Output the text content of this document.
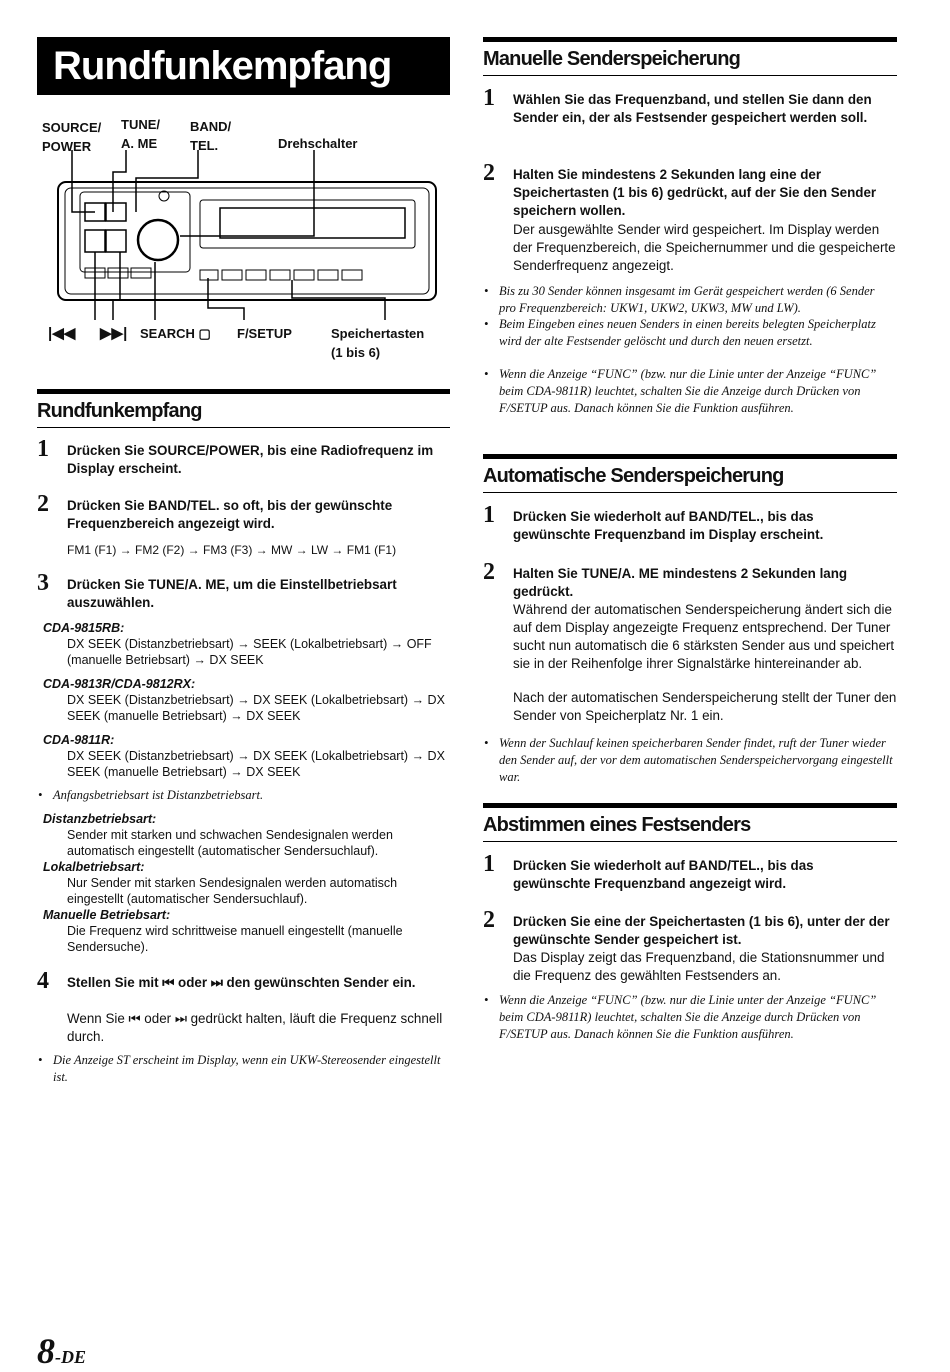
Rundfunkempfang
SOURCE/
POWER
TUNE/
A. ME
BAND/
TEL.	Drehschalter
|◀◀ ▶▶| SEARCH ▢ F/SETUP	Speichertasten
(1 bis 6)
Rundfunkempfang
1 Drücken Sie SOURCE/POWER, bis eine Radiofrequenz im Display erscheint.
2 Drücken Sie BAND/TEL. so oft, bis der gewünschte Frequenzbereich angezeigt wird.
FM1 (F1) → FM2 (F2) → FM3 (F3) → MW → LW → FM1 (F1)
3 Drücken Sie TUNE/A. ME, um die Einstellbetriebsart auszuwählen.
CDA-9815RB:
DX SEEK (Distanzbetriebsart) → SEEK (Lokalbetriebsart) → OFF (manuelle Betriebsart) → DX SEEK
CDA-9813R/CDA-9812RX:
DX SEEK (Distanzbetriebsart) → DX SEEK (Lokalbetriebsart) → DX SEEK (manuelle Betriebsart) → DX SEEK
CDA-9811R:
DX SEEK (Distanzbetriebsart) → DX SEEK (Lokalbetriebsart) → DX SEEK (manuelle Betriebsart) → DX SEEK
• Anfangsbetriebsart ist Distanzbetriebsart.
Distanzbetriebsart:
Sender mit starken und schwachen Sendesignalen werden automatisch eingestellt (automatischer Sendersuchlauf).
Lokalbetriebsart:
Nur Sender mit starken Sendesignalen werden automatisch eingestellt (automatischer Sendersuchlauf).
Manuelle Betriebsart:
Die Frequenz wird schrittweise manuell eingestellt (manuelle Sendersuche).
4 Stellen Sie mit ⏮ oder ⏭ den gewünschten Sender ein.
Wenn Sie ⏮ oder ⏭ gedrückt halten, läuft die Frequenz schnell durch.
• Die Anzeige ST erscheint im Display, wenn ein UKW-Stereosender eingestellt ist.
Manuelle Senderspeicherung
1 Wählen Sie das Frequenzband, und stellen Sie dann den Sender ein, der als Festsender gespeichert werden soll.
2 Halten Sie mindestens 2 Sekunden lang eine der Speichertasten (1 bis 6) gedrückt, auf der Sie den Sender speichern wollen.
Der ausgewählte Sender wird gespeichert. Im Display werden der Frequenzbereich, die Speichernummer und die gespeicherte Senderfrequenz angezeigt.
• Bis zu 30 Sender können insgesamt im Gerät gespeichert werden (6 Sender pro Frequenzbereich: UKW1, UKW2, UKW3, MW und LW).
• Beim Eingeben eines neuen Senders in einen bereits belegten Speicherplatz wird der alte Festsender gelöscht und durch den neuen ersetzt.
• Wenn die Anzeige “FUNC” (bzw. nur die Linie unter der Anzeige “FUNC” beim CDA-9811R) leuchtet, schalten Sie die Anzeige durch Drücken von F/SETUP aus. Danach können Sie die Funktion ausführen.
Automatische Senderspeicherung
1 Drücken Sie wiederholt auf BAND/TEL., bis das gewünschte Frequenzband im Display erscheint.
2 Halten Sie TUNE/A. ME mindestens 2 Sekunden lang gedrückt.
Während der automatischen Senderspeicherung ändert sich die auf dem Display angezeigte Frequenz entsprechend. Der Tuner sucht nun automatisch die 6 stärksten Sender aus und speichert sie in der Reihenfolge ihrer Signalstärke hintereinander ab.
Nach der automatischen Senderspeicherung stellt der Tuner den Sender von Speicherplatz Nr. 1 ein.
• Wenn der Suchlauf keinen speicherbaren Sender findet, ruft der Tuner wieder den Sender auf, der vor dem automatischen Senderspeichervorgang eingestellt war.
Abstimmen eines Festsenders
1 Drücken Sie wiederholt auf BAND/TEL., bis das gewünschte Frequenzband angezeigt wird.
2 Drücken Sie eine der Speichertasten (1 bis 6), unter der der gewünschte Sender gespeichert ist.
Das Display zeigt das Frequenzband, die Stationsnummer und die Frequenz des gewählten Festsenders an.
• Wenn die Anzeige “FUNC” (bzw. nur die Linie unter der Anzeige “FUNC” beim CDA-9811R) leuchtet, schalten Sie die Anzeige durch Drücken von F/SETUP aus. Danach können Sie die Funktion ausführen.
8-DE
